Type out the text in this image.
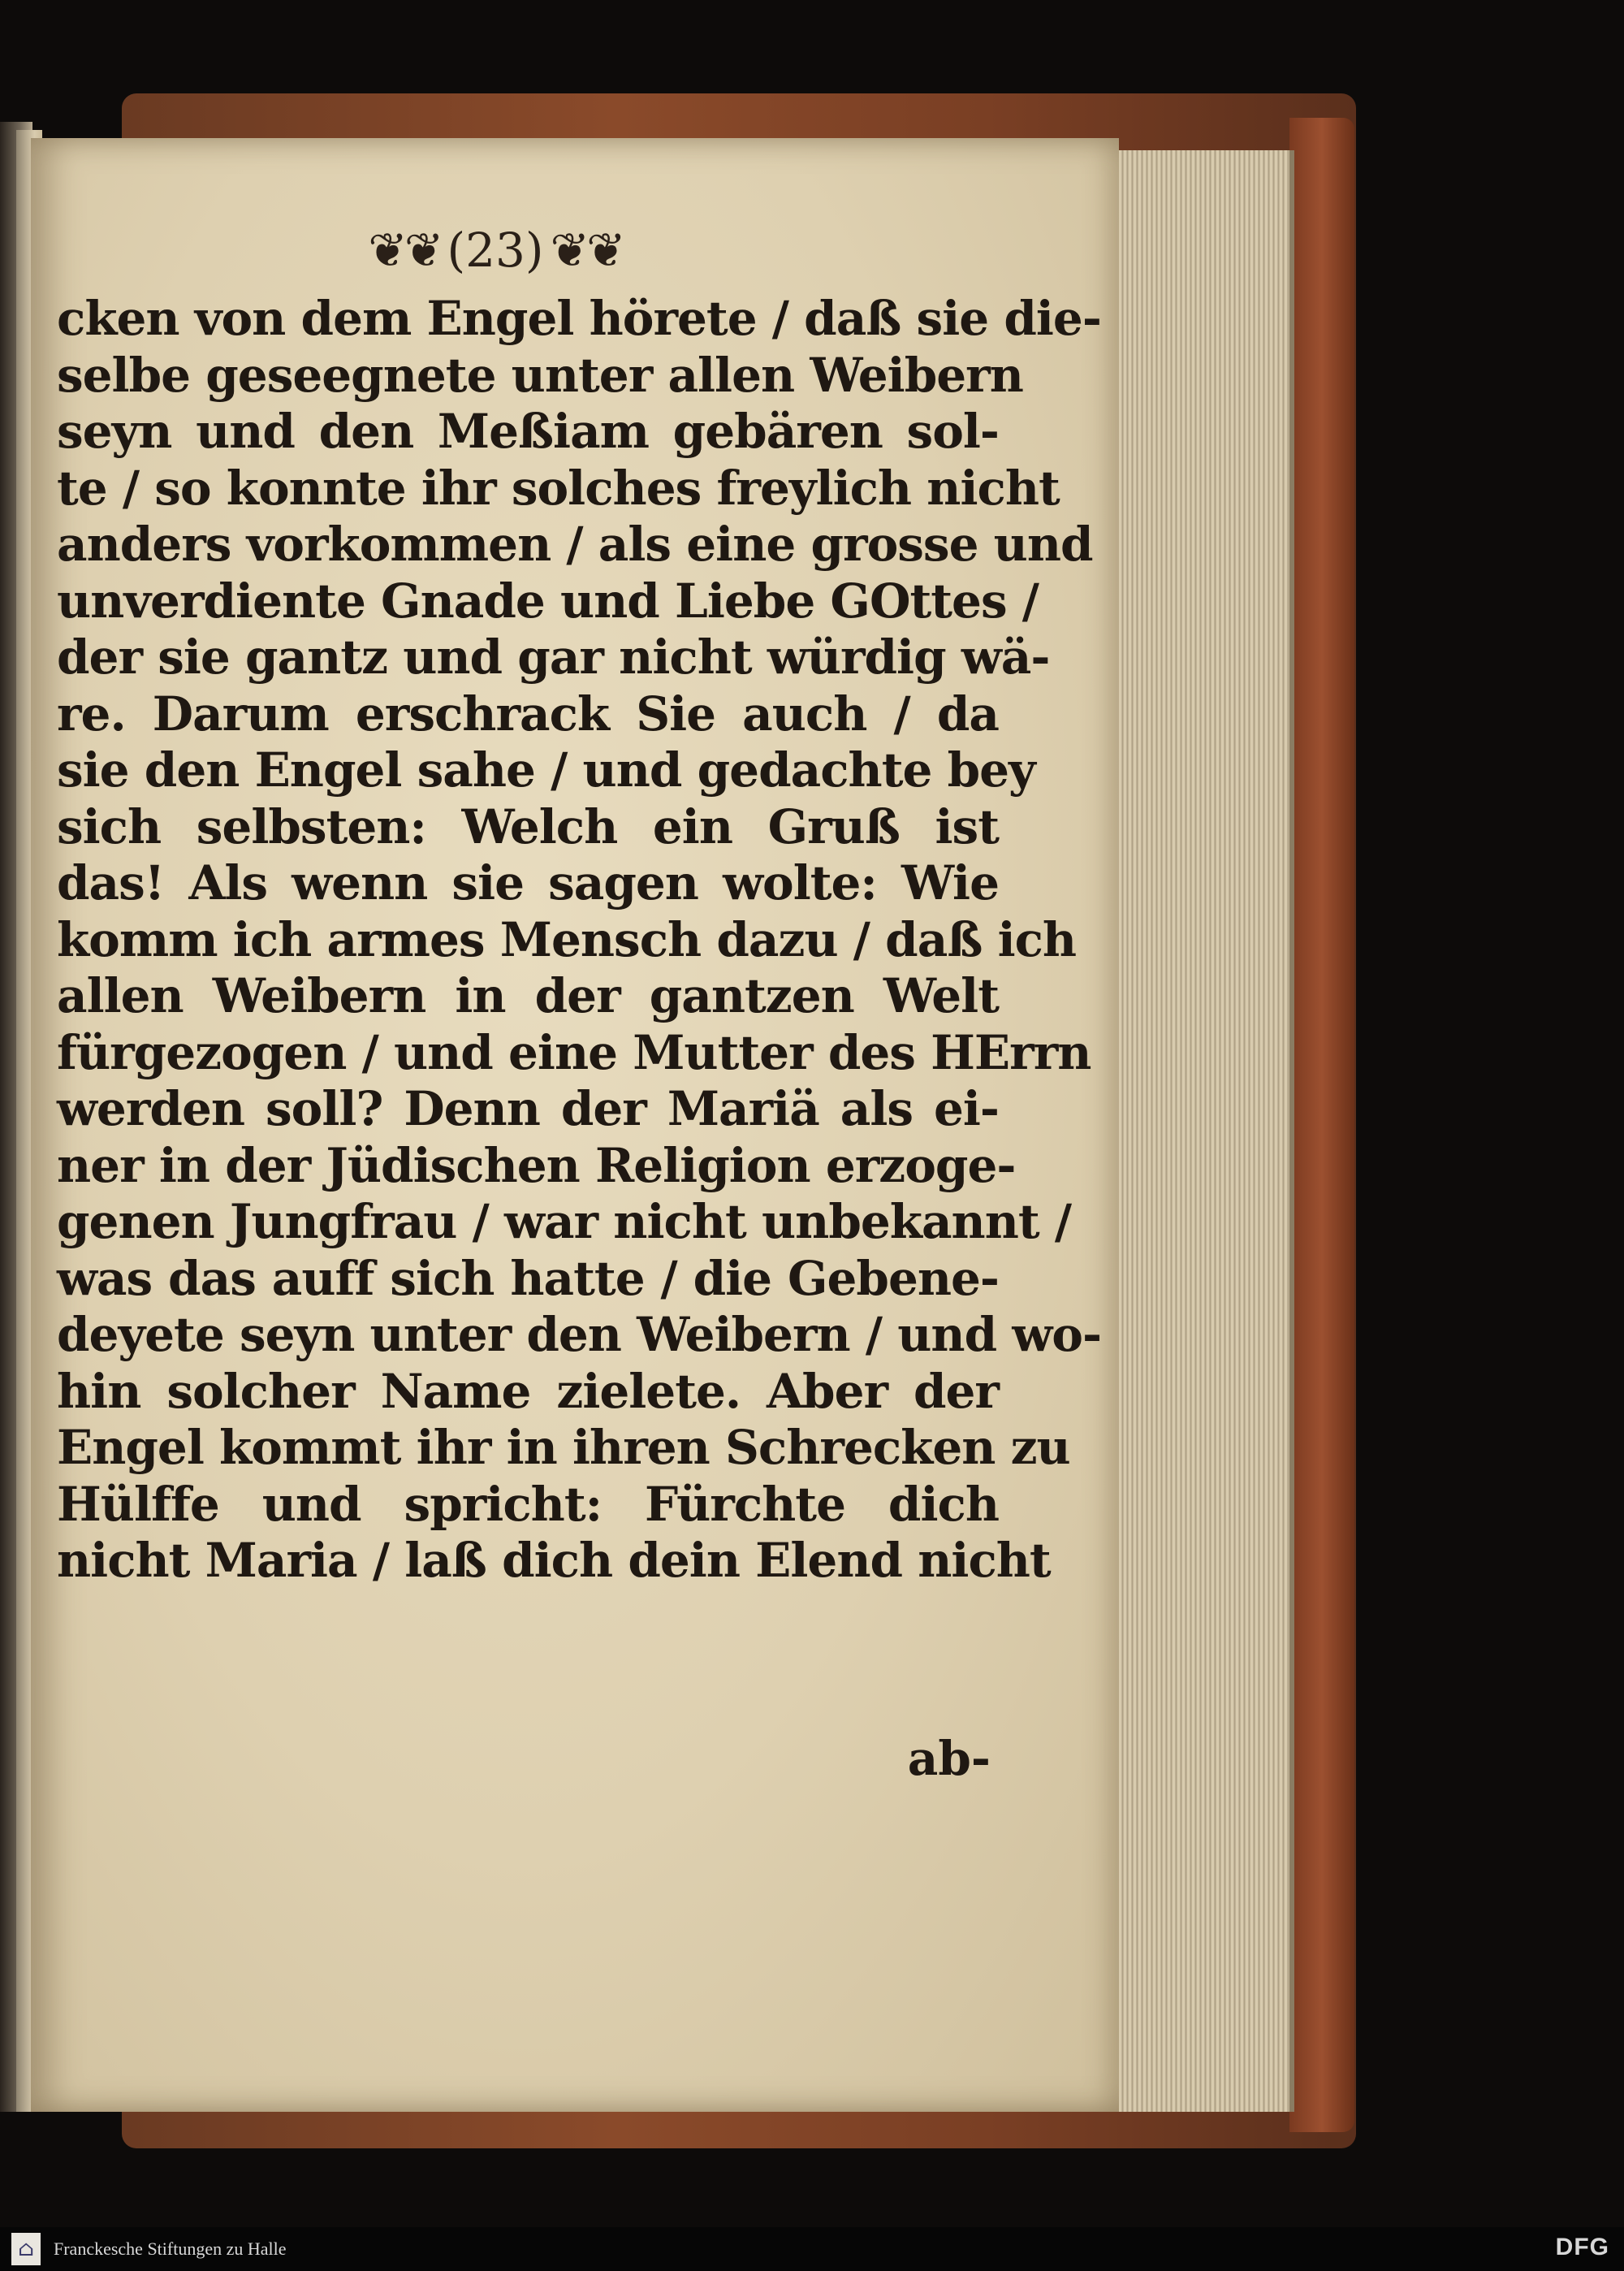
❦❦ (23) ❦❦
cken von dem Engel hörete / daß sie die-
selbe geseegnete unter allen Weibern
seyn und den Meßiam gebären sol-
te / so konnte ihr solches freylich nicht
anders vorkommen / als eine grosse und
unverdiente Gnade und Liebe GOttes /
der sie gantz und gar nicht würdig wä-
re. Darum erschrack Sie auch / da
sie den Engel sahe / und gedachte bey
sich selbsten: Welch ein Gruß ist
das! Als wenn sie sagen wolte: Wie
komm ich armes Mensch dazu / daß ich
allen Weibern in der gantzen Welt
fürgezogen / und eine Mutter des HErrn
werden soll? Denn der Mariä als ei-
ner in der Jüdischen Religion erzoge-
genen Jungfrau / war nicht unbekannt /
was das auff sich hatte / die Gebene-
deyete seyn unter den Weibern / und wo-
hin solcher Name zielete. Aber der
Engel kommt ihr in ihren Schrecken zu
Hülffe und spricht: Fürchte dich
nicht Maria / laß dich dein Elend nicht
ab-
⌂	Franckesche Stiftungen zu Halle	DFG
